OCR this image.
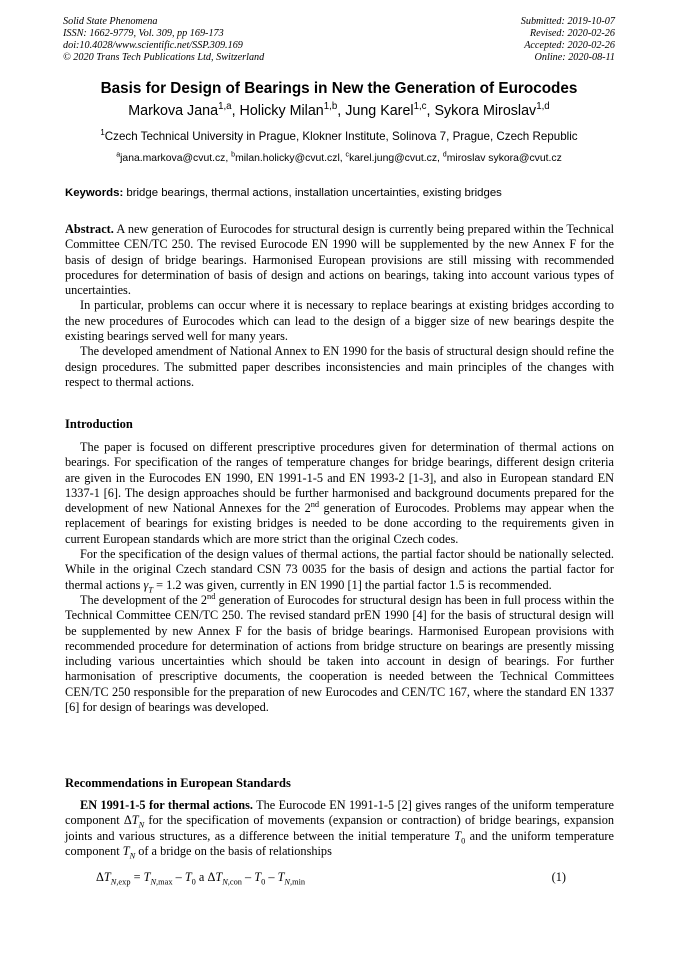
Solid State Phenomena
ISSN: 1662-9779, Vol. 309, pp 169-173
doi:10.4028/www.scientific.net/SSP.309.169
© 2020 Trans Tech Publications Ltd, Switzerland
Submitted: 2019-10-07
Revised: 2020-02-26
Accepted: 2020-02-26
Online: 2020-08-11
Basis for Design of Bearings in New the Generation of Eurocodes
Markova Jana$^{1,a}$, Holicky Milan$^{1,b}$, Jung Karel$^{1,c}$, Sykora Miroslav$^{1,d}$
$^1$Czech Technical University in Prague, Klokner Institute, Solinova 7, Prague, Czech Republic
$^a$jana.markova@cvut.cz, $^b$milan.holicky@cvut.czl, $^c$karel.jung@cvut.cz, $^d$miroslav sykora@cvut.cz
Keywords: bridge bearings, thermal actions, installation uncertainties, existing bridges

Abstract. A new generation of Eurocodes for structural design is currently being prepared within the Technical Committee CEN/TC 250. The revised Eurocode EN 1990 will be supplemented by the new Annex F for the basis of design of bridge bearings. Harmonised European provisions are still missing with recommended procedures for determination of basis of design and actions on bearings, taking into account various types of uncertainties.

In particular, problems can occur where it is necessary to replace bearings at existing bridges according to the new procedures of Eurocodes which can lead to the design of a bigger size of new bearings despite the existing bearings served well for many years.

The developed amendment of National Annex to EN 1990 for the basis of structural design should refine the design procedures. The submitted paper describes inconsistencies and main principles of the changes with respect to thermal actions.

Introduction

The paper is focused on different prescriptive procedures given for determination of thermal actions on bearings. For specification of the ranges of temperature changes for bridge bearings, different design criteria are given in the Eurocodes EN 1990, EN 1991-1-5 and EN 1993-2 [1-3], and also in European standard EN 1337-1 [6]. The design approaches should be further harmonised and background documents prepared for the development of new National Annexes for the 2nd generation of Eurocodes. Problems may appear when the replacement of bearings for existing bridges is needed to be done according to the requirements given in current European standards which are more strict than the original Czech codes.

For the specification of the design values of thermal actions, the partial factor should be nationally selected. While in the original Czech standard CSN 73 0035 for the basis of design and actions the partial factor for thermal actions $\gamma_T = 1.2$ was given, currently in EN 1990 [1] the partial factor 1.5 is recommended.

The development of the 2nd generation of Eurocodes for structural design has been in full process within the Technical Committee CEN/TC 250. The revised standard prEN 1990 [4] for the basis of structural design will be supplemented by new Annex F for the basis of bridge bearings. Harmonised European provisions with recommended procedure for determination of actions from bridge structure on bearings are presently missing including various uncertainties which should be taken into account in design of bearings. For further harmonisation of prescriptive documents, the cooperation is needed between the Technical Committees CEN/TC 250 responsible for the preparation of new Eurocodes and CEN/TC 167, where the standard EN 1337 [6] for design of bearings was developed.

Recommendations in European Standards

EN 1991-1-5 for thermal actions. The Eurocode EN 1991-1-5 [2] gives ranges of the uniform temperature component $\Delta T_N$ for the specification of movements (expansion or contraction) of bridge bearings, expansion joints and various structures, as a difference between the initial temperature $T_0$ and the uniform temperature component $T_N$ of a bridge on the basis of relationships

$\Delta T_{N,exp} = T_{N,max} - T_0$ a $\Delta T_{N,con} - T_0 - T_{N,min}$	(1)
